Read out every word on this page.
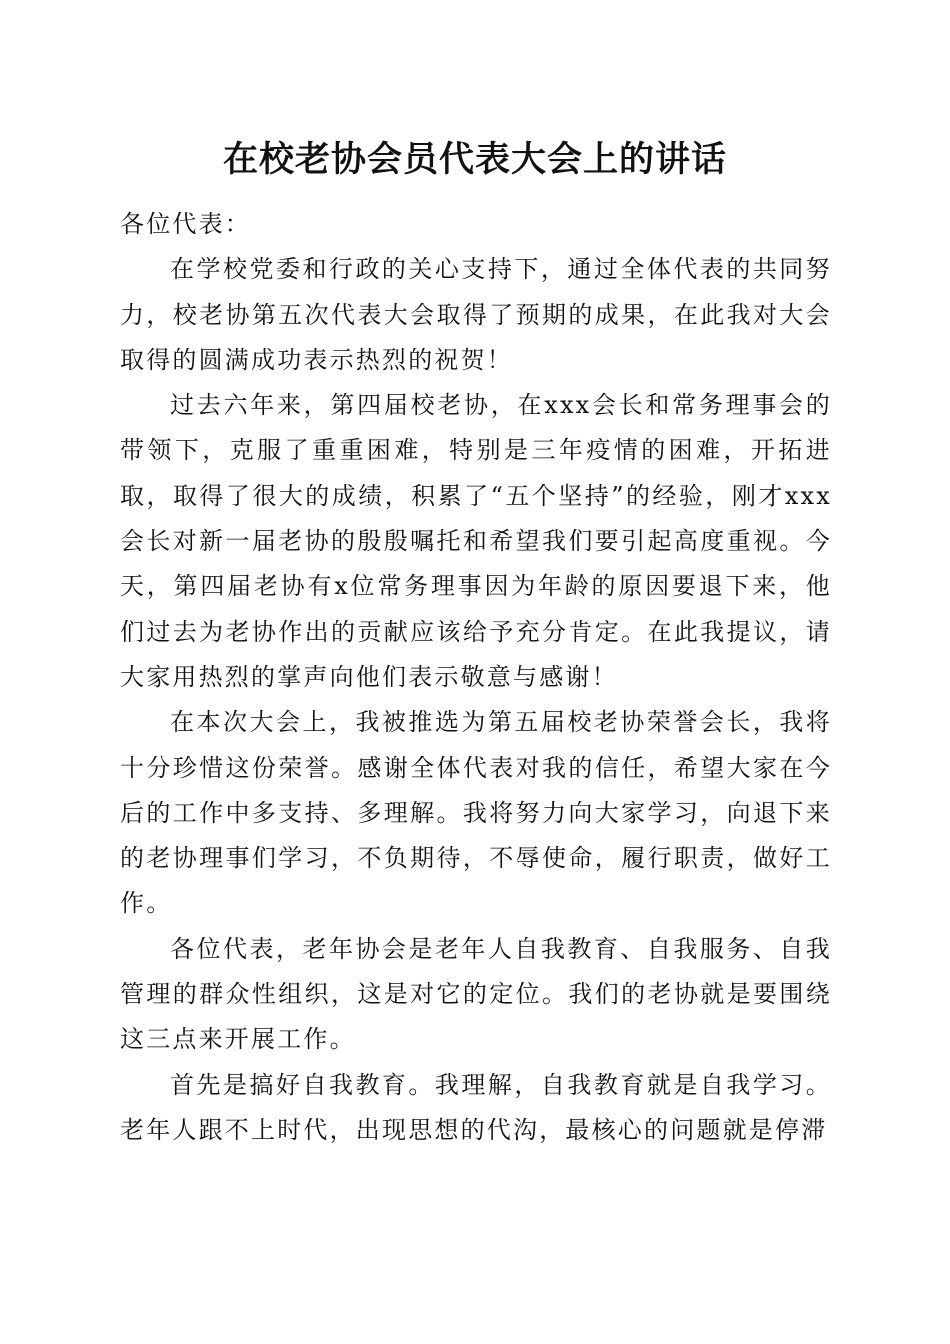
在校老协会员代表大会上的讲话

各位代表：

在学校党委和行政的关心支持下，通过全体代表的共同努力，校老协第五次代表大会取得了预期的成果，在此我对大会取得的圆满成功表示热烈的祝贺！

过去六年来，第四届校老协，在xxx会长和常务理事会的带领下，克服了重重困难，特别是三年疫情的困难，开拓进取，取得了很大的成绩，积累了“五个坚持”的经验，刚才xxx会长对新一届老协的殷殷嘱托和希望我们要引起高度重视。今天，第四届老协有x位常务理事因为年龄的原因要退下来，他们过去为老协作出的贡献应该给予充分肯定。在此我提议，请大家用热烈的掌声向他们表示敬意与感谢！

在本次大会上，我被推选为第五届校老协荣誉会长，我将十分珍惜这份荣誉。感谢全体代表对我的信任，希望大家在今后的工作中多支持、多理解。我将努力向大家学习，向退下来的老协理事们学习，不负期待，不辱使命，履行职责，做好工作。

各位代表，老年协会是老年人自我教育、自我服务、自我管理的群众性组织，这是对它的定位。我们的老协就是要围绕这三点来开展工作。

首先是搞好自我教育。我理解，自我教育就是自我学习。老年人跟不上时代，出现思想的代沟，最核心的问题就是停滞
